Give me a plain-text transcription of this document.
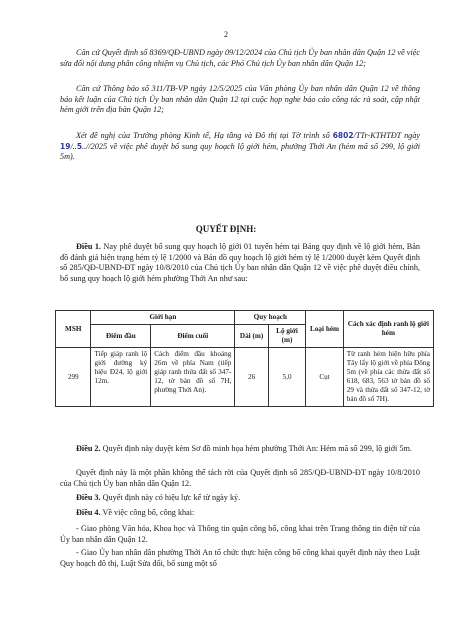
2
Căn cứ Quyết định số 8369/QĐ-UBND ngày 09/12/2024 của Chủ tịch Ủy ban nhân dân Quận 12 về việc sửa đổi nội dung phân công nhiệm vụ Chủ tịch, các Phó Chủ tịch Ủy ban nhân dân Quận 12;
Căn cứ Thông báo số 311/TB-VP ngày 12/5/2025 của Văn phòng Ủy ban nhân dân Quận 12 về thông báo kết luận của Chủ tịch Ủy ban nhân dân Quận 12 tại cuộc họp nghe báo cáo công tác rà soát, cập nhật hẻm giới trên địa bàn Quận 12;
Xét đề nghị của Trưởng phòng Kinh tế, Hạ tầng và Đô thị tại Tờ trình số 6802/TTr-KTHTĐT ngày 19/..5..//2025 về việc phê duyệt bổ sung quy hoạch lộ giới hẻm, phường Thới An (hẻm mã số 299, lộ giới 5m).
QUYẾT ĐỊNH:
Điều 1. Nay phê duyệt bổ sung quy hoạch lộ giới 01 tuyến hẻm tại Bảng quy định về lộ giới hẻm, Bản đồ đánh giá hiện trạng hẻm tỷ lệ 1/2000 và Bản đồ quy hoạch lộ giới hẻm tỷ lệ 1/2000 duyệt kèm Quyết định số 285/QĐ-UBND-ĐT ngày 10/8/2010 của Chủ tịch Ủy ban nhân dân Quận 12 về việc phê duyệt điều chỉnh, bổ sung quy hoạch lộ giới hẻm phường Thới An như sau:
MSH	Giới hạn		Quy hoạch		Loại hẻm	Cách xác định ranh lộ giới hẻm
	Điểm đầu	Điểm cuối	Dài (m)	Lộ giới (m)		
299	Tiếp giáp ranh lộ giới đường ký hiệu Đ24, lộ giới 12m.	Cách điểm đầu khoảng 26m về phía Nam (tiếp giáp ranh thửa đất số 347-12, tờ bản đồ số 7H, phường Thới An).	26	5,0	Cụt	Từ ranh hẻm hiện hữu phía Tây lấy lộ giới về phía Đông 5m (về phía các thửa đất số 618, 683, 563 tờ bản đồ số 29 và thửa đất số 347-12, tờ bản đồ số 7H).
Điều 2. Quyết định này duyệt kèm Sơ đồ minh họa hẻm phường Thới An: Hẻm mã số 299, lộ giới 5m.
Quyết định này là một phần không thể tách rời của Quyết định số 285/QĐ-UBND-ĐT ngày 10/8/2010 của Chủ tịch Ủy ban nhân dân Quận 12.
Điều 3. Quyết định này có hiệu lực kể từ ngày ký.
Điều 4. Về việc công bố, công khai:
- Giao phòng Văn hóa, Khoa học và Thông tin quận công bố, công khai trên Trang thông tin điện tử của Ủy ban nhân dân Quận 12.
- Giao Ủy ban nhân dân phường Thới An tổ chức thực hiện công bố công khai quyết định này theo Luật Quy hoạch đô thị, Luật Sửa đổi, bổ sung một số
